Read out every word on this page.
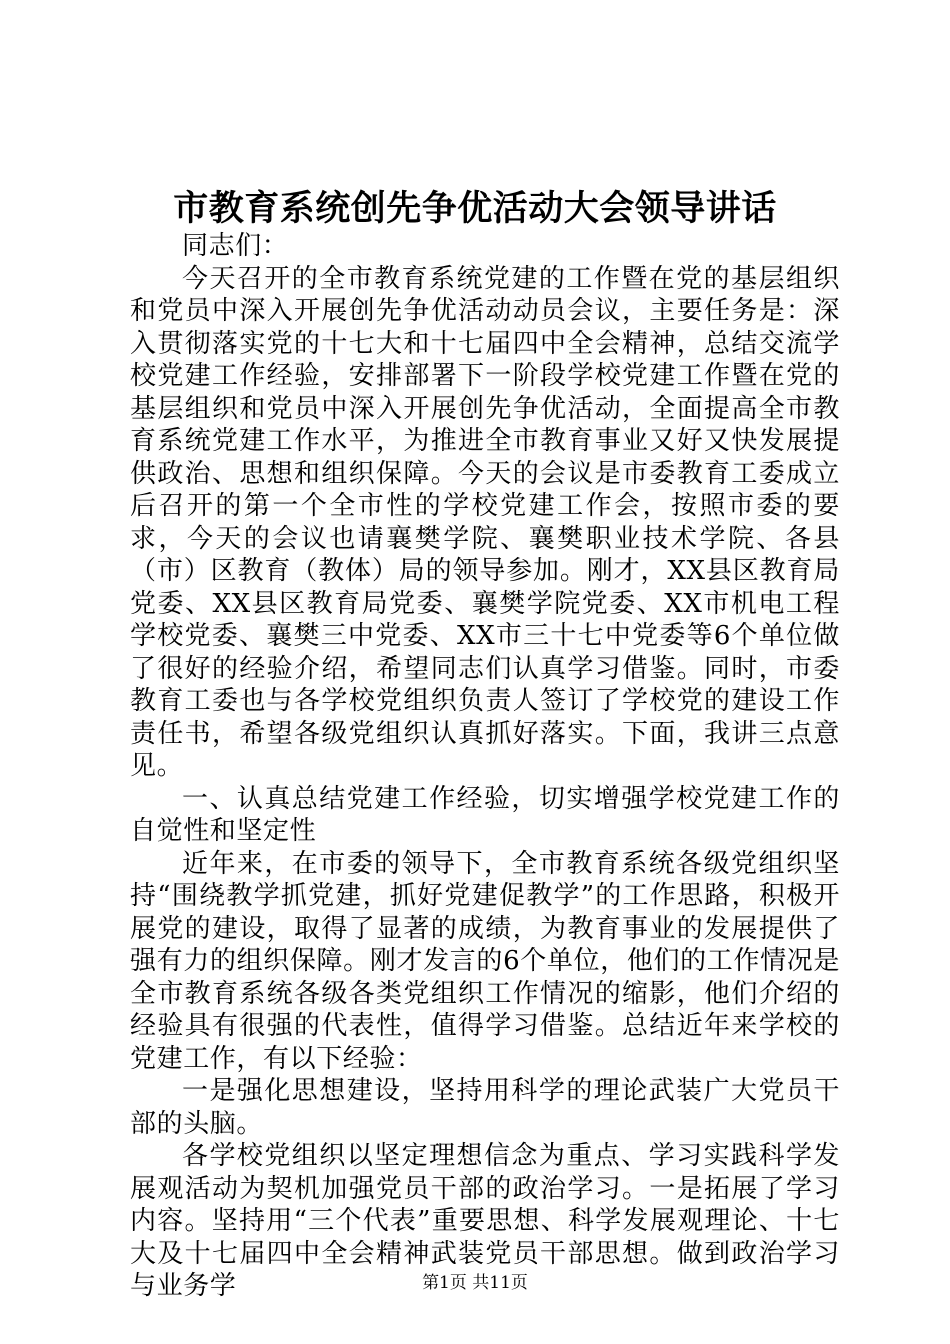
市教育系统创先争优活动大会领导讲话

同志们：

今天召开的全市教育系统党建的工作暨在党的基层组织和党员中深入开展创先争优活动动员会议，主要任务是：深入贯彻落实党的十七大和十七届四中全会精神，总结交流学校党建工作经验，安排部署下一阶段学校党建工作暨在党的基层组织和党员中深入开展创先争优活动，全面提高全市教育系统党建工作水平，为推进全市教育事业又好又快发展提供政治、思想和组织保障。今天的会议是市委教育工委成立后召开的第一个全市性的学校党建工作会，按照市委的要求，今天的会议也请襄樊学院、襄樊职业技术学院、各县（市）区教育（教体）局的领导参加。刚才，XX县区教育局党委、XX县区教育局党委、襄樊学院党委、XX市机电工程学校党委、襄樊三中党委、XX市三十七中党委等6个单位做了很好的经验介绍，希望同志们认真学习借鉴。同时，市委教育工委也与各学校党组织负责人签订了学校党的建设工作责任书，希望各级党组织认真抓好落实。下面，我讲三点意见。

一、认真总结党建工作经验，切实增强学校党建工作的自觉性和坚定性

近年来，在市委的领导下，全市教育系统各级党组织坚持“围绕教学抓党建，抓好党建促教学”的工作思路，积极开展党的建设，取得了显著的成绩，为教育事业的发展提供了强有力的组织保障。刚才发言的6个单位，他们的工作情况是全市教育系统各级各类党组织工作情况的缩影，他们介绍的经验具有很强的代表性，值得学习借鉴。总结近年来学校的党建工作，有以下经验：

一是强化思想建设，坚持用科学的理论武装广大党员干部的头脑。

各学校党组织以坚定理想信念为重点、学习实践科学发展观活动为契机加强党员干部的政治学习。一是拓展了学习内容。坚持用“三个代表”重要思想、科学发展观理论、十七大及十七届四中全会精神武装党员干部思想。做到政治学习与业务学	第1页 共11页
